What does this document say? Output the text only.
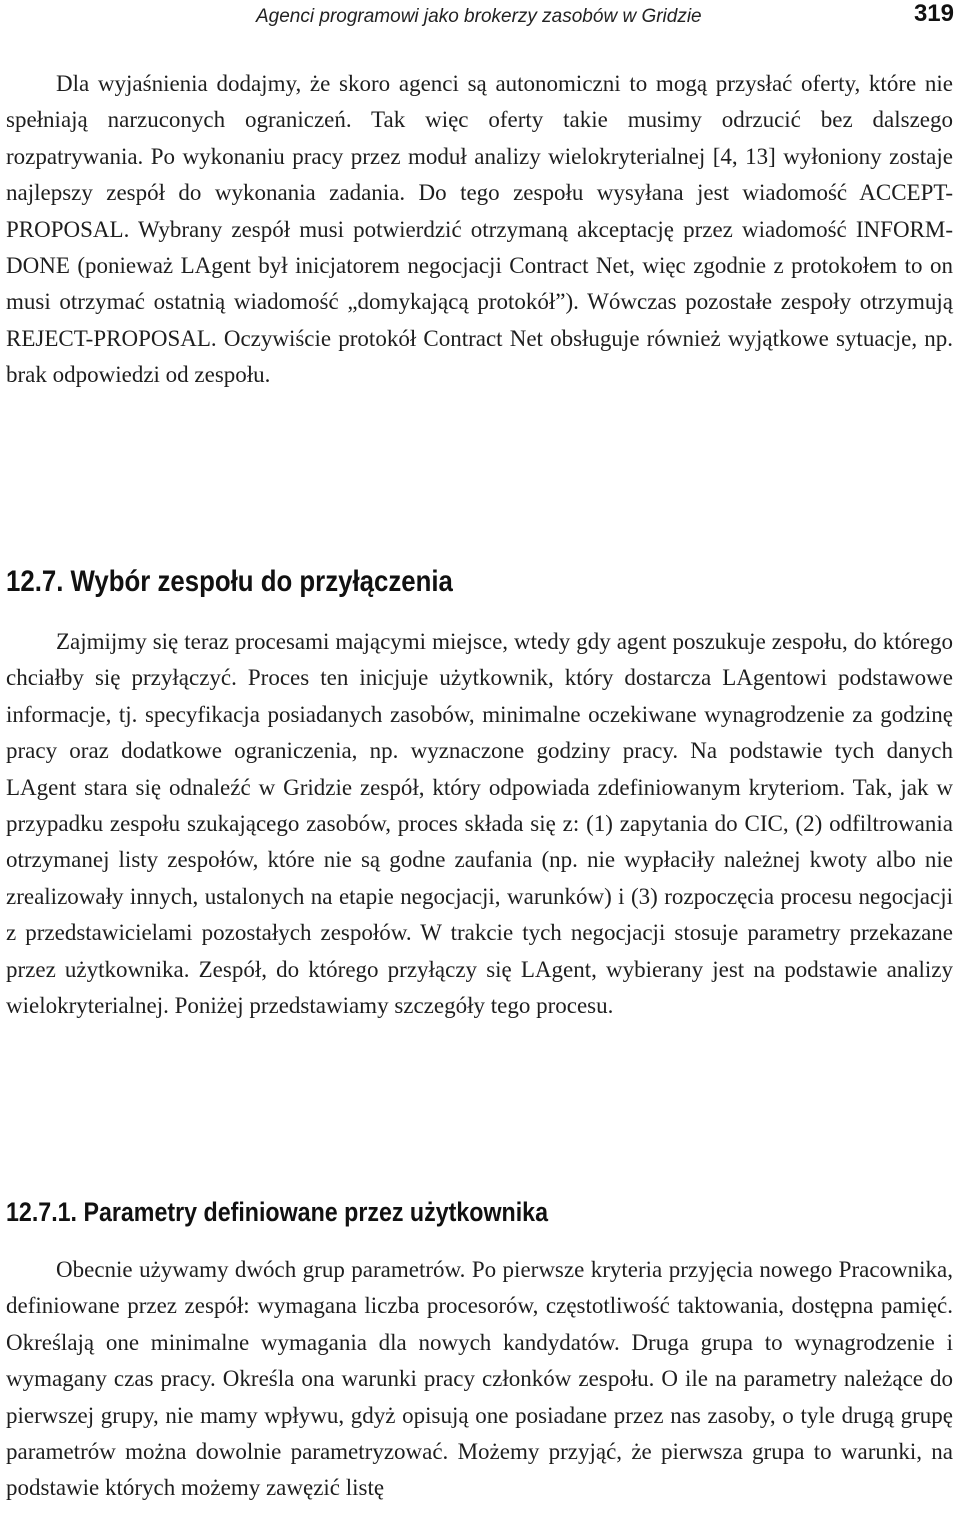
Agenci programowi jako brokerzy zasobów w Gridzie	319

Dla wyjaśnienia dodajmy, że skoro agenci są autonomiczni to mogą przysłać oferty, które nie spełniają narzuconych ograniczeń. Tak więc oferty takie musimy odrzucić bez dalszego rozpatrywania. Po wykonaniu pracy przez moduł analizy wielokryterialnej [4, 13] wyłoniony zostaje najlepszy zespół do wykonania zadania. Do tego zespołu wysyłana jest wiadomość ACCEPT-PROPOSAL. Wybrany zespół musi potwierdzić otrzymaną akceptację przez wiadomość INFORM-DONE (ponieważ LAgent był inicjatorem negocjacji Contract Net, więc zgodnie z protokołem to on musi otrzymać ostatnią wiadomość „domykającą protokół”). Wówczas pozostałe zespoły otrzymują REJECT-PROPOSAL. Oczywiście protokół Contract Net obsługuje również wyjątkowe sytuacje, np. brak odpowiedzi od zespołu.

12.7. Wybór zespołu do przyłączenia

Zajmijmy się teraz procesami mającymi miejsce, wtedy gdy agent poszukuje zespołu, do którego chciałby się przyłączyć. Proces ten inicjuje użytkownik, który dostarcza LAgentowi podstawowe informacje, tj. specyfikacja posiadanych zasobów, minimalne oczekiwane wynagrodzenie za godzinę pracy oraz dodatkowe ograniczenia, np. wyznaczone godziny pracy. Na podstawie tych danych LAgent stara się odnaleźć w Gridzie zespół, który odpowiada zdefiniowanym kryteriom. Tak, jak w przypadku zespołu szukającego zasobów, proces składa się z: (1) zapytania do CIC, (2) odfiltrowania otrzymanej listy zespołów, które nie są godne zaufania (np. nie wypłaciły należnej kwoty albo nie zrealizowały innych, ustalonych na etapie negocjacji, warunków) i (3) rozpoczęcia procesu negocjacji z przedstawicielami pozostałych zespołów. W trakcie tych negocjacji stosuje parametry przekazane przez użytkownika. Zespół, do którego przyłączy się LAgent, wybierany jest na podstawie analizy wielokryterialnej. Poniżej przedstawiamy szczegóły tego procesu.

12.7.1. Parametry definiowane przez użytkownika

Obecnie używamy dwóch grup parametrów. Po pierwsze kryteria przyjęcia nowego Pracownika, definiowane przez zespół: wymagana liczba procesorów, częstotliwość taktowania, dostępna pamięć. Określają one minimalne wymagania dla nowych kandydatów. Druga grupa to wynagrodzenie i wymagany czas pracy. Określa ona warunki pracy członków zespołu. O ile na parametry należące do pierwszej grupy, nie mamy wpływu, gdyż opisują one posiadane przez nas zasoby, o tyle drugą grupę parametrów można dowolnie parametryzować. Możemy przyjąć, że pierwsza grupa to warunki, na podstawie których możemy zawęzić listę
